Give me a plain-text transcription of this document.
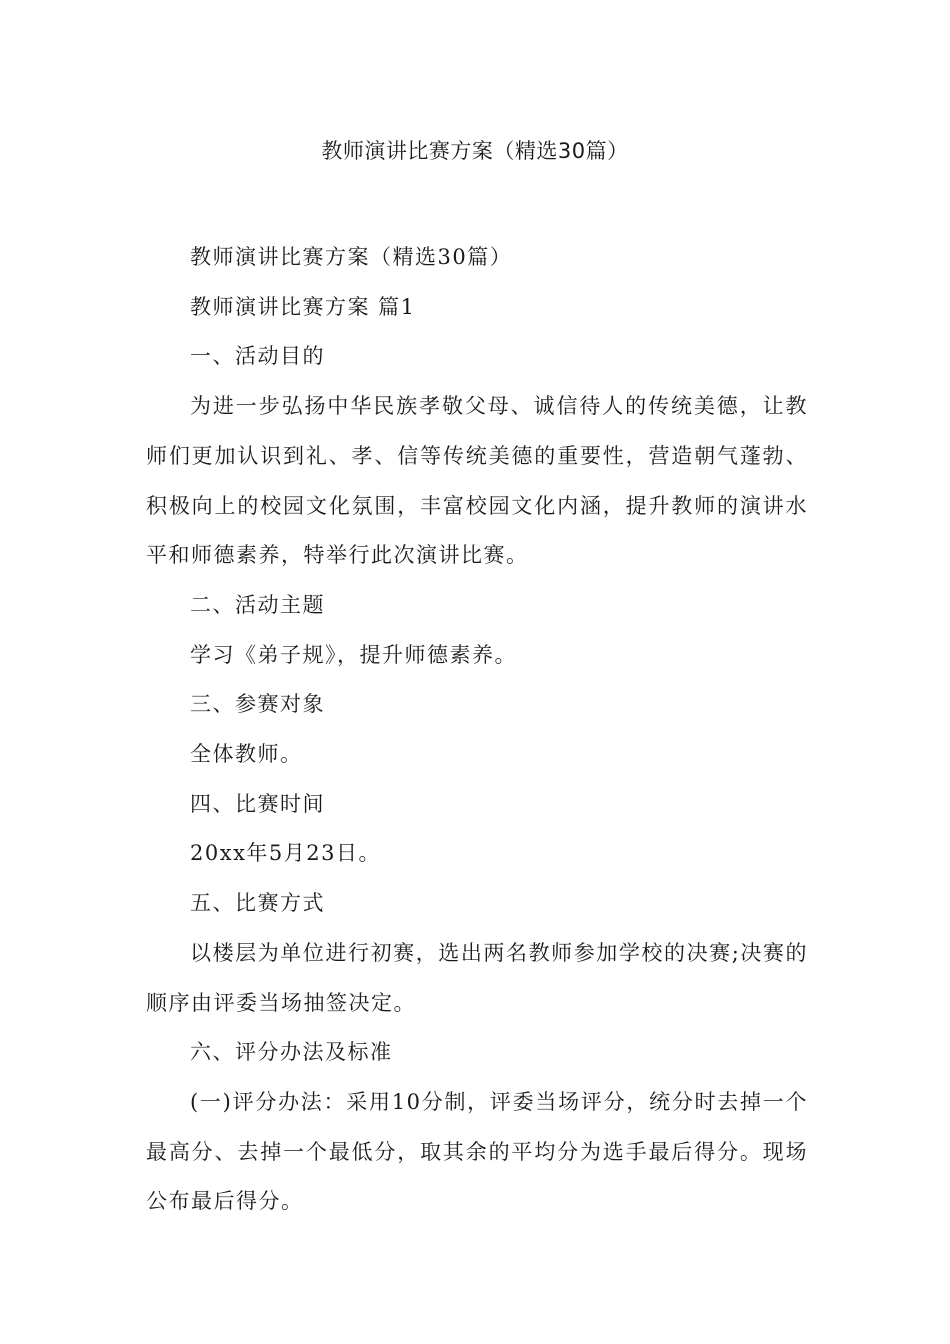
教师演讲比赛方案（精选30篇）

教师演讲比赛方案（精选30篇）

教师演讲比赛方案 篇1

一、活动目的

为进一步弘扬中华民族孝敬父母、诚信待人的传统美德，让教师们更加认识到礼、孝、信等传统美德的重要性，营造朝气蓬勃、积极向上的校园文化氛围，丰富校园文化内涵，提升教师的演讲水平和师德素养，特举行此次演讲比赛。

二、活动主题

学习《弟子规》，提升师德素养。

三、参赛对象

全体教师。

四、比赛时间

20xx年5月23日。

五、比赛方式

以楼层为单位进行初赛，选出两名教师参加学校的决赛;决赛的顺序由评委当场抽签决定。

六、评分办法及标准

(一)评分办法：采用10分制，评委当场评分，统分时去掉一个最高分、去掉一个最低分，取其余的平均分为选手最后得分。现场公布最后得分。
